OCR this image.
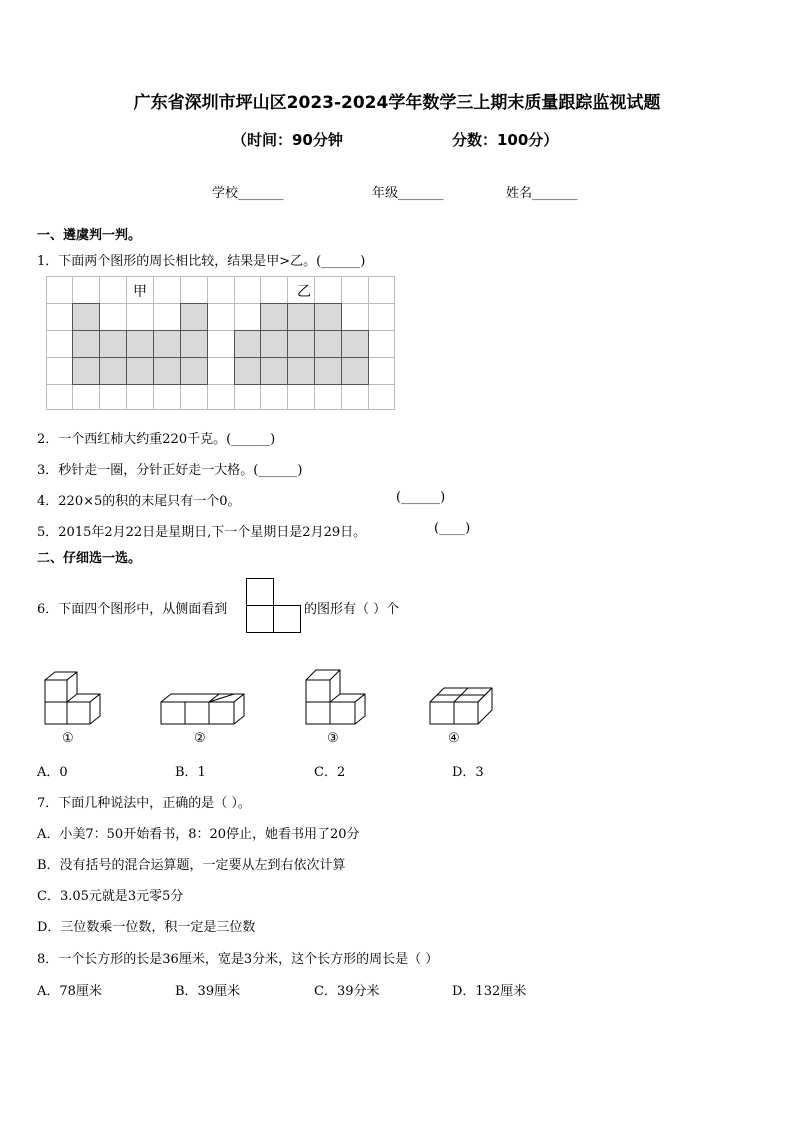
广东省深圳市坪山区2023-2024学年数学三上期末质量跟踪监视试题
（时间：90分钟	分数：100分）
学校_______	年级_______	姓名_______
一、遴虞判一判。
1．下面两个图形的周长相比较，结果是甲>乙。(______)
甲	乙
2．一个西红柿大约重220千克。(______)
3．秒针走一圈，分针正好走一大格。(______)
4．220×5的积的末尾只有一个0。	(______)
5．2015年2月22日是星期日,下一个星期日是2月29日。	(____)
二、仔细选一选。
6．下面四个图形中，从侧面看到	的图形有（ ）个
①	②	③	④
A．0	B．1	C．2	D．3
7．下面几种说法中，正确的是（ ）。
A．小美7：50开始看书，8：20停止，她看书用了20分
B．没有括号的混合运算题，一定要从左到右依次计算
C．3.05元就是3元零5分
D．三位数乘一位数，积一定是三位数
8．一个长方形的长是36厘米，宽是3分米，这个长方形的周长是（ ）
A．78厘米	B．39厘米	C．39分米	D．132厘米
